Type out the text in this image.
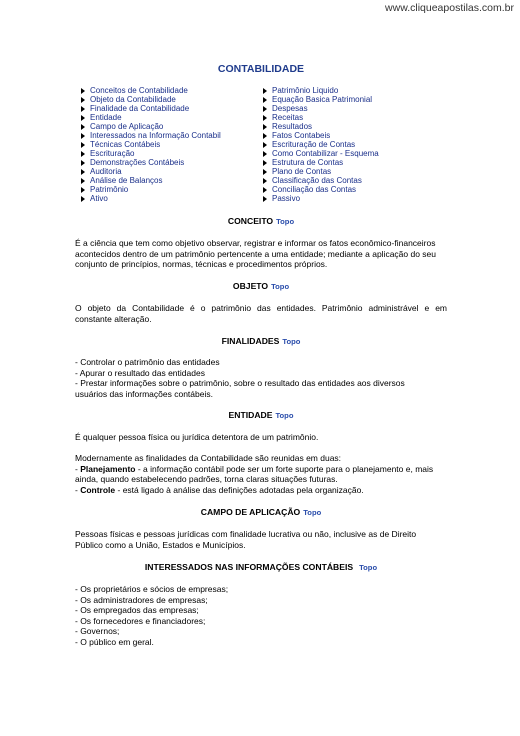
www.cliqueapostilas.com.br
CONTABILIDADE
Conceitos de Contabilidade
Objeto da Contabilidade
Finalidade da Contabilidade
Entidade
Campo de Aplicação
Interessados na Informação Contabil
Técnicas Contábeis
Escrituração
Demonstrações Contábeis
Auditoria
Análise de Balanços
Patrimônio
Ativo
Patrimônio Liquido
Equação Basica Patrimonial
Despesas
Receitas
Resultados
Fatos Contabeis
Escrituração de Contas
Como Contabilizar - Esquema
Estrutura de Contas
Plano de Contas
Classificação das Contas
Conciliação das Contas
Passivo
CONCEITO Topo
É a ciência que tem como objetivo observar, registrar e informar os fatos econômico-financeiros
acontecidos dentro de um patrimônio pertencente a uma entidade; mediante a aplicação do seu
conjunto de princípios, normas, técnicas e procedimentos próprios.
OBJETO Topo
O objeto da Contabilidade é o patrimônio das entidades. Patrimônio administrável e em
constante alteração.
FINALIDADES Topo
- Controlar o patrimônio das entidades
- Apurar o resultado das entidades
- Prestar informações sobre o patrimônio, sobre o resultado das entidades aos diversos
usuários das informações contábeis.
ENTIDADE Topo
É qualquer pessoa física ou jurídica detentora de um patrimônio.
Modernamente as finalidades da Contabilidade são reunidas em duas:
- Planejamento - a informação contábil pode ser um forte suporte para o planejamento e, mais
ainda, quando estabelecendo padrões, torna claras situações futuras.
- Controle - está ligado à análise das definições adotadas pela organização.
CAMPO DE APLICAÇÃO Topo
Pessoas físicas e pessoas jurídicas com finalidade lucrativa ou não, inclusive as de Direito
Público como a União, Estados e Municípios.
INTERESSADOS NAS INFORMAÇÕES CONTÁBEIS Topo
- Os proprietários e sócios de empresas;
- Os administradores de empresas;
- Os empregados das empresas;
- Os fornecedores e financiadores;
- Governos;
- O público em geral.
